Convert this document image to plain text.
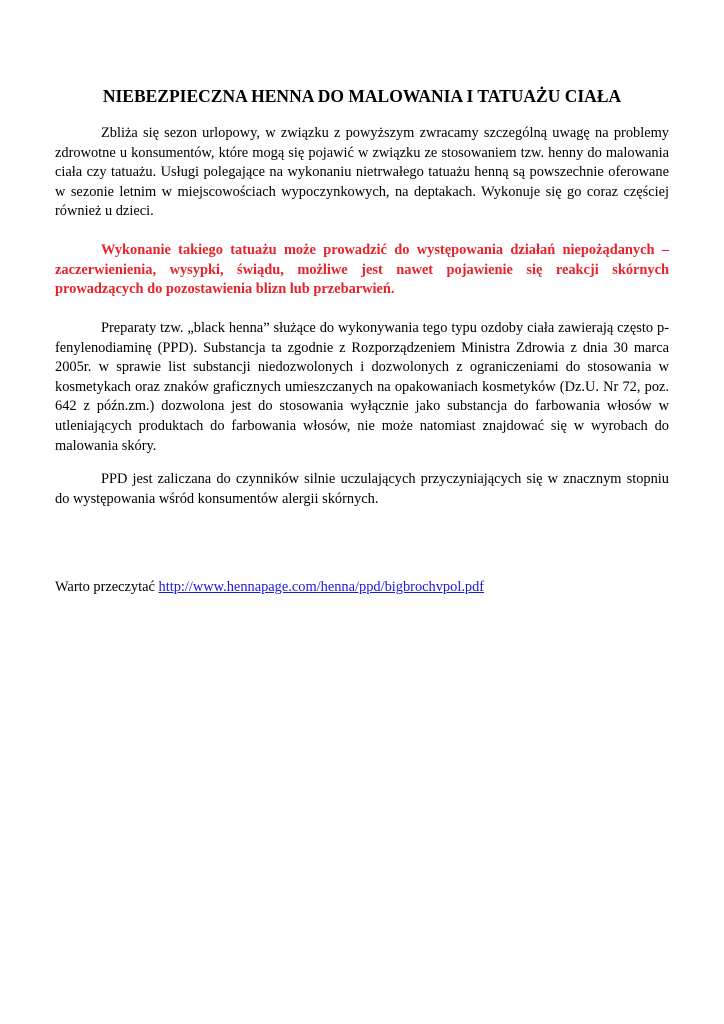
NIEBEZPIECZNA HENNA DO MALOWANIA I TATUAŻU CIAŁA

Zbliża się sezon urlopowy, w związku z powyższym zwracamy szczególną uwagę na problemy zdrowotne u konsumentów, które mogą się pojawić w związku ze stosowaniem tzw. henny do malowania ciała czy tatuażu. Usługi polegające na wykonaniu nietrwałego tatuażu henną są powszechnie oferowane w sezonie letnim w miejscowościach wypoczynkowych, na deptakach. Wykonuje się go coraz częściej również u dzieci.

Wykonanie takiego tatuażu może prowadzić do występowania działań niepożądanych – zaczerwienienia, wysypki, świądu, możliwe jest nawet pojawienie się reakcji skórnych prowadzących do pozostawienia blizn lub przebarwień.

Preparaty tzw. „black henna” służące do wykonywania tego typu ozdoby ciała zawierają często p-fenylenodiaminę (PPD). Substancja ta zgodnie z Rozporządzeniem Ministra Zdrowia z dnia 30 marca 2005r. w sprawie list substancji niedozwolonych i dozwolonych z ograniczeniami do stosowania w kosmetykach oraz znaków graficznych umieszczanych na opakowaniach kosmetyków (Dz.U. Nr 72, poz. 642 z późn.zm.) dozwolona jest do stosowania wyłącznie jako substancja do farbowania włosów w utleniających produktach do farbowania włosów, nie może natomiast znajdować się w wyrobach do malowania skóry.

PPD jest zaliczana do czynników silnie uczulających przyczyniających się w znacznym stopniu do występowania wśród konsumentów alergii skórnych.

Warto przeczytać http://www.hennapage.com/henna/ppd/bigbrochvpol.pdf
